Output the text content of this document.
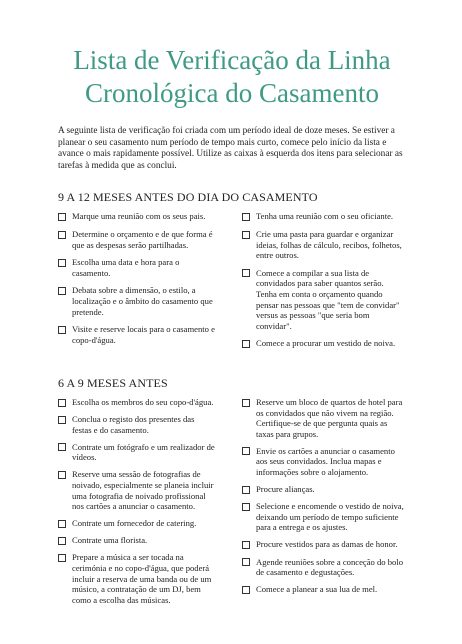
Lista de Verificação da Linha
Cronológica do Casamento

A seguinte lista de verificação foi criada com um período ideal de doze meses. Se estiver a planear o seu casamento num período de tempo mais curto, comece pelo início da lista e avance o mais rapidamente possível. Utilize as caixas à esquerda dos itens para selecionar as tarefas à medida que as conclui.

9 A 12 MESES ANTES DO DIA DO CASAMENTO
Marque uma reunião com os seus pais.
Determine o orçamento e de que forma é que as despesas serão partilhadas.
Escolha uma data e hora para o casamento.
Debata sobre a dimensão, o estilo, a localização e o âmbito do casamento que pretende.
Visite e reserve locais para o casamento e copo-d'água.
Tenha uma reunião com o seu oficiante.
Crie uma pasta para guardar e organizar ideias, folhas de cálculo, recibos, folhetos, entre outros.
Comece a compilar a sua lista de convidados para saber quantos serão. Tenha em conta o orçamento quando pensar nas pessoas que "tem de convidar" versus as pessoas "que seria bom convidar".
Comece a procurar um vestido de noiva.
6 A 9 MESES ANTES
Escolha os membros do seu copo-d'água.
Conclua o registo dos presentes das festas e do casamento.
Contrate um fotógrafo e um realizador de vídeos.
Reserve uma sessão de fotografias de noivado, especialmente se planeia incluir uma fotografia de noivado profissional nos cartões a anunciar o casamento.
Contrate um fornecedor de catering.
Contrate uma florista.
Prepare a música a ser tocada na cerimónia e no copo-d'água, que poderá incluir a reserva de uma banda ou de um músico, a contratação de um DJ, bem como a escolha das músicas.
Reserve um bloco de quartos de hotel para os convidados que não vivem na região. Certifique-se de que pergunta quais as taxas para grupos.
Envie os cartões a anunciar o casamento aos seus convidados. Inclua mapas e informações sobre o alojamento.
Procure alianças.
Selecione e encomende o vestido de noiva, deixando um período de tempo suficiente para a entrega e os ajustes.
Procure vestidos para as damas de honor.
Agende reuniões sobre a conceção do bolo de casamento e degustações.
Comece a planear a sua lua de mel.
